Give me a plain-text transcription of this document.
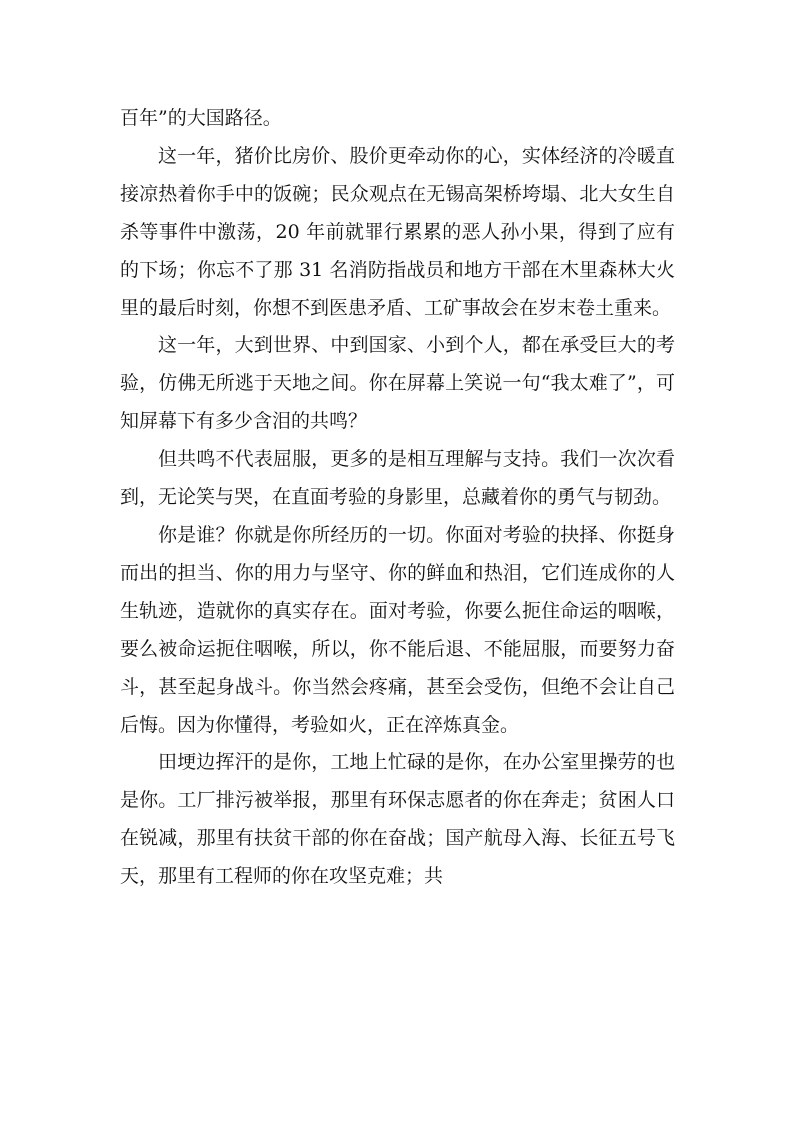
百年”的大国路径。

这一年，猪价比房价、股价更牵动你的心，实体经济的冷暖直接凉热着你手中的饭碗；民众观点在无锡高架桥垮塌、北大女生自杀等事件中激荡，20 年前就罪行累累的恶人孙小果，得到了应有的下场；你忘不了那 31 名消防指战员和地方干部在木里森林大火里的最后时刻，你想不到医患矛盾、工矿事故会在岁末卷土重来。

这一年，大到世界、中到国家、小到个人，都在承受巨大的考验，仿佛无所逃于天地之间。你在屏幕上笑说一句“我太难了”，可知屏幕下有多少含泪的共鸣？

但共鸣不代表屈服，更多的是相互理解与支持。我们一次次看到，无论笑与哭，在直面考验的身影里，总藏着你的勇气与韧劲。

你是谁？你就是你所经历的一切。你面对考验的抉择、你挺身而出的担当、你的用力与坚守、你的鲜血和热泪，它们连成你的人生轨迹，造就你的真实存在。面对考验，你要么扼住命运的咽喉，要么被命运扼住咽喉，所以，你不能后退、不能屈服，而要努力奋斗，甚至起身战斗。你当然会疼痛，甚至会受伤，但绝不会让自己后悔。因为你懂得，考验如火，正在淬炼真金。

田埂边挥汗的是你，工地上忙碌的是你，在办公室里操劳的也是你。工厂排污被举报，那里有环保志愿者的你在奔走；贫困人口在锐减，那里有扶贫干部的你在奋战；国产航母入海、长征五号飞天，那里有工程师的你在攻坚克难；共
